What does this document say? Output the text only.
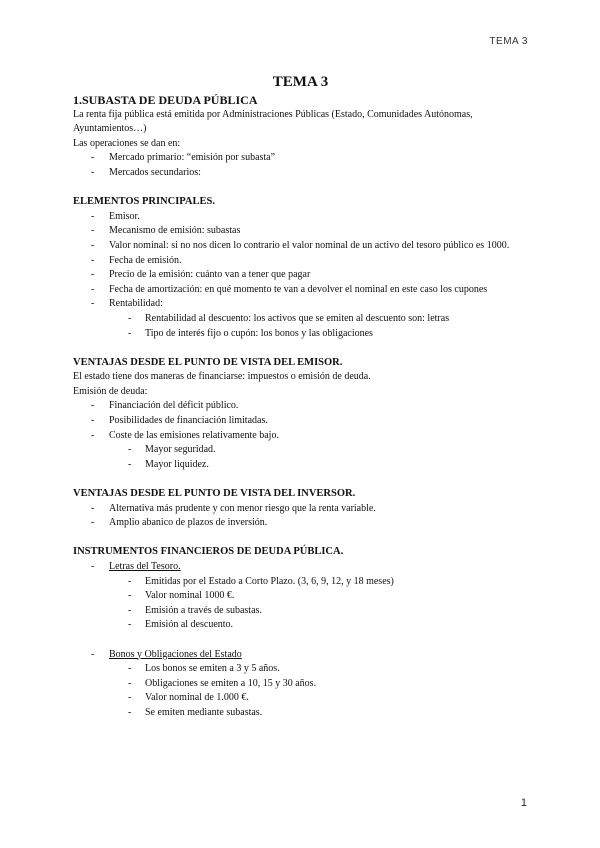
TEMA 3
TEMA 3
1.SUBASTA DE DEUDA PÚBLICA

La renta fija pública está emitida por Administraciones Públicas (Estado, Comunidades Autónomas, Ayuntamientos…)

Las operaciones se dan en:

- Mercado primario: “emisión por subasta”
- Mercados secundarios:
ELEMENTOS PRINCIPALES.
- Emisor.
- Mecanismo de emisión: subastas
- Valor nominal: si no nos dicen lo contrario el valor nominal de un activo del tesoro público es 1000.
- Fecha de emisión.
- Precio de la emisión: cuánto van a tener que pagar
- Fecha de amortización: en qué momento te van a devolver el nominal en este caso los cupones
- Rentabilidad:
- Rentabilidad al descuento: los activos que se emiten al descuento son: letras
- Tipo de interés fijo o cupón: los bonos y las obligaciones
VENTAJAS DESDE EL PUNTO DE VISTA DEL EMISOR.

El estado tiene dos maneras de financiarse: impuestos o emisión de deuda.

Emisión de deuda:

- Financiación del déficit público.
- Posibilidades de financiación limitadas.
- Coste de las emisiones relativamente bajo.
- Mayor seguridad.
- Mayor liquidez.
VENTAJAS DESDE EL PUNTO DE VISTA DEL INVERSOR.
- Alternativa más prudente y con menor riesgo que la renta variable.
- Amplio abanico de plazos de inversión.
INSTRUMENTOS FINANCIEROS DE DEUDA PÚBLICA.
- Letras del Tesoro.
- Emitidas por el Estado a Corto Plazo. (3, 6, 9, 12, y 18 meses)
- Valor nominal 1000 €.
- Emisión a través de subastas.
- Emisión al descuento.
- Bonos y Obligaciones del Estado
- Los bonos se emiten a 3 y 5 años.
- Obligaciones se emiten a 10, 15 y 30 años.
- Valor nominal de 1.000 €.
- Se emiten mediante subastas.
1
